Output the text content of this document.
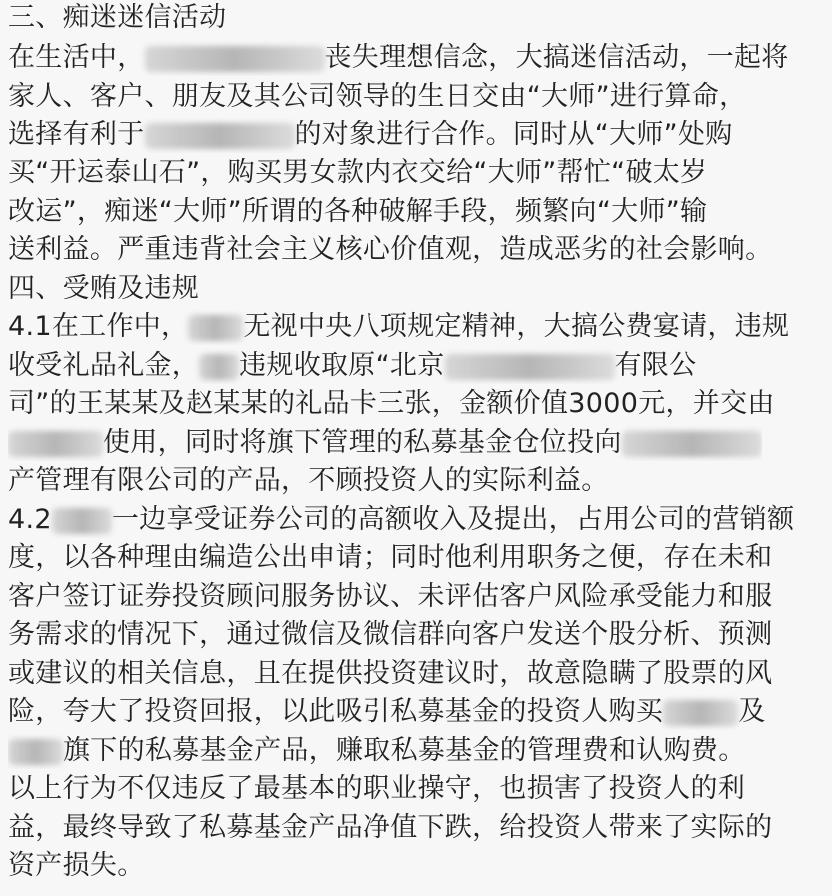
三、痴迷迷信活动
在生活中，	丧失理想信念，大搞迷信活动，一起将
家人、客户、朋友及其公司领导的生日交由“大师”进行算命，
选择有利于	的对象进行合作。同时从“大师”处购
买“开运泰山石”，购买男女款内衣交给“大师”帮忙“破太岁
改运”，痴迷“大师”所谓的各种破解手段，频繁向“大师”输
送利益。严重违背社会主义核心价值观，造成恶劣的社会影响。
四、受贿及违规
4.1在工作中， 无视中央八项规定精神，大搞公费宴请，违规
收受礼品礼金， 违规收取原“北京	有限公
司”的王某某及赵某某的礼品卡三张，金额价值3000元，并交由
使用，同时将旗下管理的私募基金仓位投向
产管理有限公司的产品，不顾投资人的实际利益。
4.2 一边享受证券公司的高额收入及提出，占用公司的营销额
度，以各种理由编造公出申请；同时他利用职务之便，存在未和
客户签订证券投资顾问服务协议、未评估客户风险承受能力和服
务需求的情况下，通过微信及微信群向客户发送个股分析、预测
或建议的相关信息，且在提供投资建议时，故意隐瞒了股票的风
险，夸大了投资回报，以此吸引私募基金的投资人购买	及
旗下的私募基金产品，赚取私募基金的管理费和认购费。
以上行为不仅违反了最基本的职业操守，也损害了投资人的利
益，最终导致了私募基金产品净值下跌，给投资人带来了实际的
资产损失。
